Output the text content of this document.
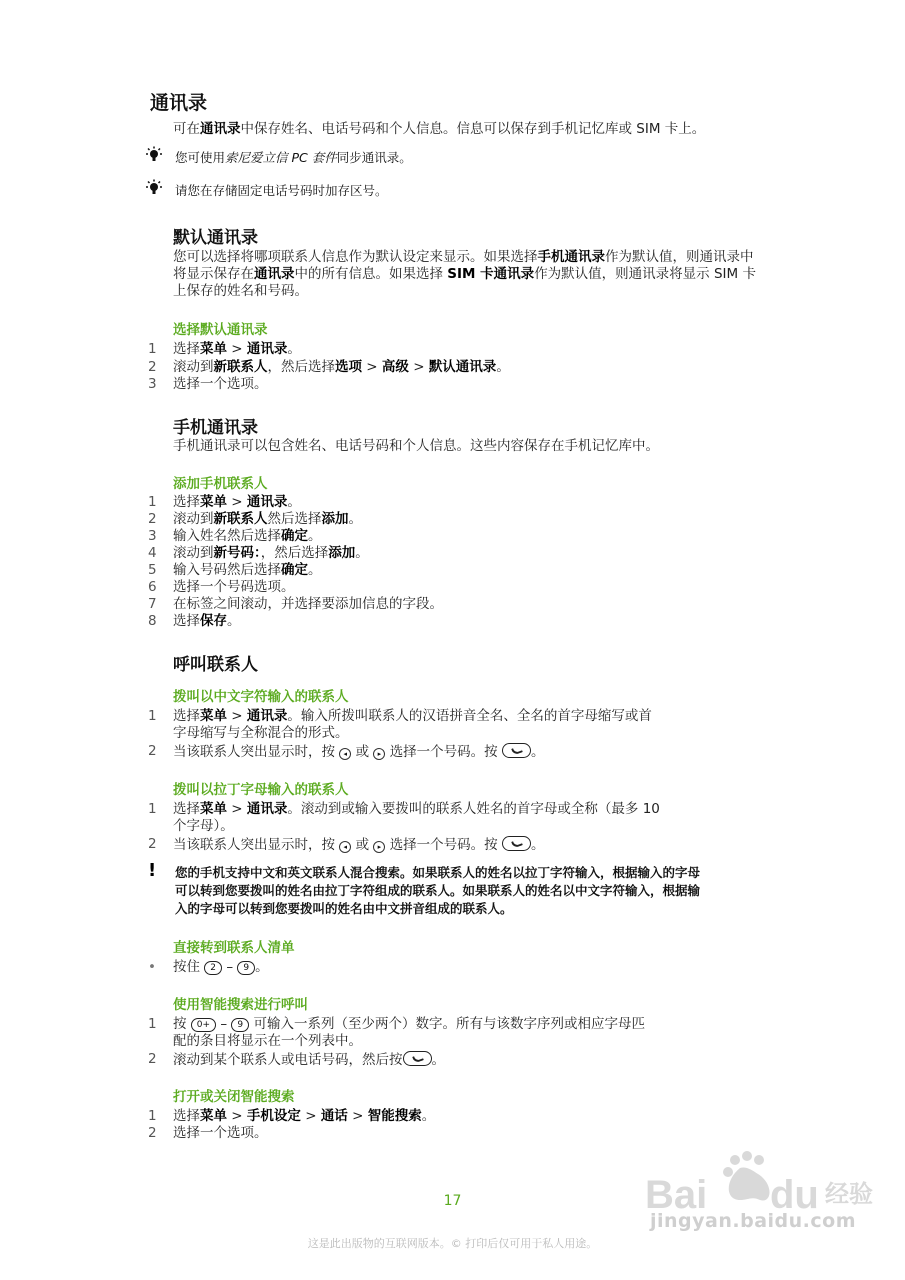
通讯录
可在通讯录中保存姓名、电话号码和个人信息。信息可以保存到手机记忆库或 SIM 卡上。
您可使用索尼爱立信 PC 套件同步通讯录。
请您在存储固定电话号码时加存区号。
默认通讯录
您可以选择将哪项联系人信息作为默认设定来显示。如果选择手机通讯录作为默认值，则通讯录中将显示保存在通讯录中的所有信息。如果选择 SIM 卡通讯录作为默认值，则通讯录将显示 SIM 卡上保存的姓名和号码。
选择默认通讯录
1	选择菜单 > 通讯录。
2	滚动到新联系人，然后选择选项 > 高级 > 默认通讯录。
3	选择一个选项。
手机通讯录
手机通讯录可以包含姓名、电话号码和个人信息。这些内容保存在手机记忆库中。
添加手机联系人
1	选择菜单 > 通讯录。
2	滚动到新联系人然后选择添加。
3	输入姓名然后选择确定。
4	滚动到新号码：，然后选择添加。
5	输入号码然后选择确定。
6	选择一个号码选项。
7	在标签之间滚动，并选择要添加信息的字段。
8	选择保存。
呼叫联系人
拨叫以中文字符输入的联系人
1	选择菜单 > 通讯录。输入所拨叫联系人的汉语拼音全名、全名的首字母缩写或首
字母缩写与全称混合的形式。
2	当该联系人突出显示时，按 ◂ 或 ▸ 选择一个号码。按 。
拨叫以拉丁字母输入的联系人
1	选择菜单 > 通讯录。滚动到或输入要拨叫的联系人姓名的首字母或全称（最多 10
个字母）。
2	当该联系人突出显示时，按 ◂ 或 ▸ 选择一个号码。按 。
! 您的手机支持中文和英文联系人混合搜索。如果联系人的姓名以拉丁字符输入，根据输入的字母
可以转到您要拨叫的姓名由拉丁字符组成的联系人。如果联系人的姓名以中文字符输入，根据输
入的字母可以转到您要拨叫的姓名由中文拼音组成的联系人。
直接转到联系人清单
•	按住 2 – 9 。
使用智能搜索进行呼叫
1	按 0+ – 9 可输入一系列（至少两个）数字。所有与该数字序列或相应字母匹
配的条目将显示在一个列表中。
2	滚动到某个联系人或电话号码，然后按 。
打开或关闭智能搜索
1	选择菜单 > 手机设定 > 通话 > 智能搜索。
2	选择一个选项。
17
这是此出版物的互联网版本。© 打印后仅可用于私人用途。
Bai du 经验
jingyan.baidu.com
